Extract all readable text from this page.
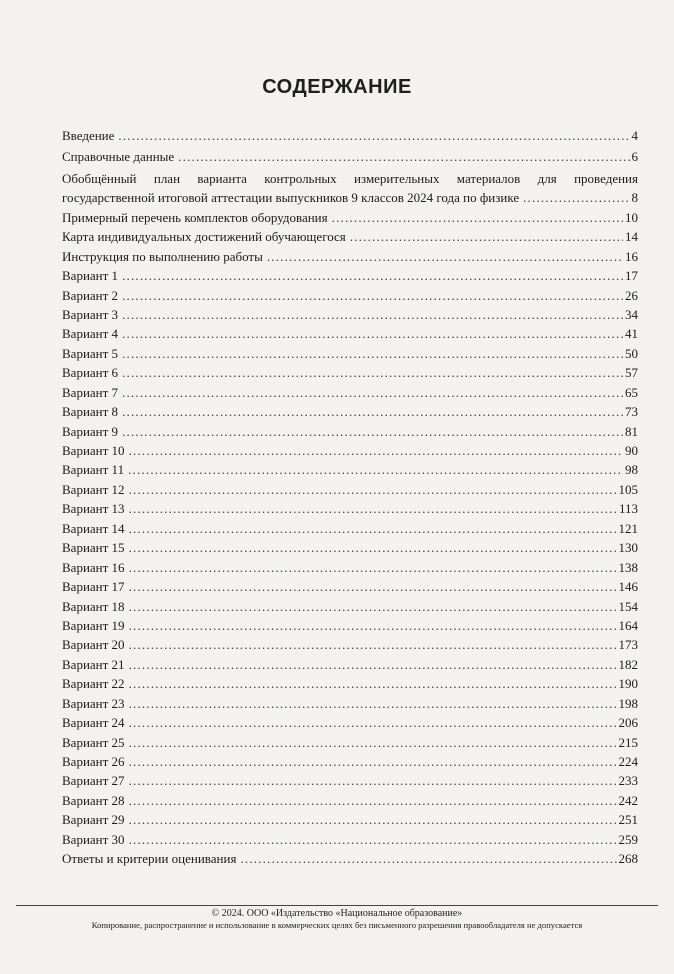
СОДЕРЖАНИЕ
Введение .....	4
Справочные данные .....	6
Обобщённый план варианта контрольных измерительных материалов для проведения
государственной итоговой аттестации выпускников 9 классов 2024 года по физике .....	8
Примерный перечень комплектов оборудования .....	10
Карта индивидуальных достижений обучающегося .....	14
Инструкция по выполнению работы .....	16
Вариант 1 .....	17
Вариант 2 .....	26
Вариант 3 .....	34
Вариант 4 .....	41
Вариант 5 .....	50
Вариант 6 .....	57
Вариант 7 .....	65
Вариант 8 .....	73
Вариант 9 .....	81
Вариант 10 .....	90
Вариант 11 .....	98
Вариант 12 .....	105
Вариант 13 .....	113
Вариант 14 .....	121
Вариант 15 .....	130
Вариант 16 .....	138
Вариант 17 .....	146
Вариант 18 .....	154
Вариант 19 .....	164
Вариант 20 .....	173
Вариант 21 .....	182
Вариант 22 .....	190
Вариант 23 .....	198
Вариант 24 .....	206
Вариант 25 .....	215
Вариант 26 .....	224
Вариант 27 .....	233
Вариант 28 .....	242
Вариант 29 .....	251
Вариант 30 .....	259
Ответы и критерии оценивания .....	268
© 2024. ООО «Издательство «Национальное образование»
Копирование, распространение и использование в коммерческих целях без письменного разрешения правообладателя не допускается
